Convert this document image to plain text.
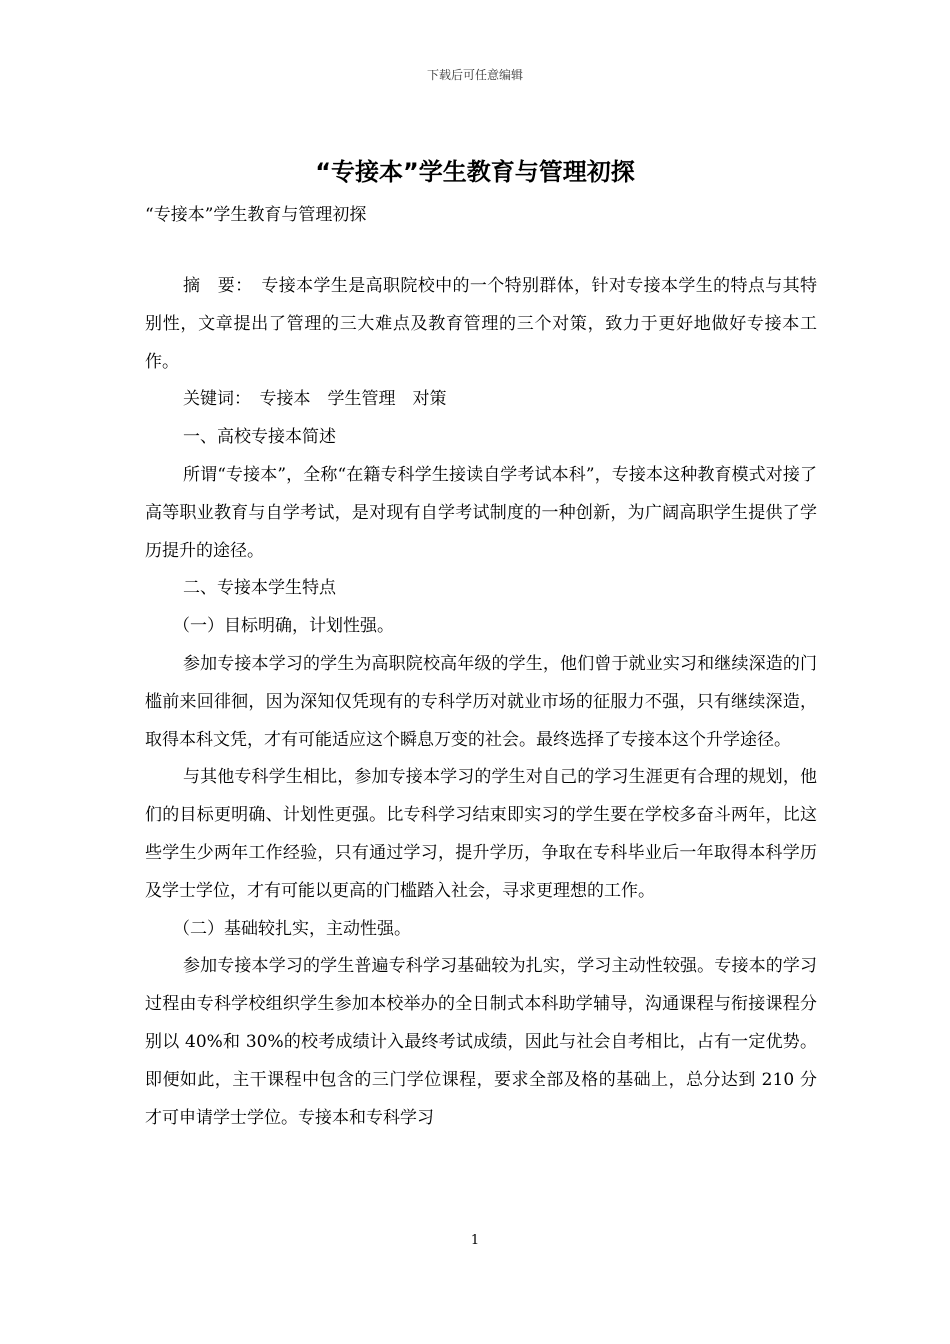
下载后可任意编辑
“专接本”学生教育与管理初探

“专接本”学生教育与管理初探

摘　要：　专接本学生是高职院校中的一个特别群体，针对专接本学生的特点与其特别性，文章提出了管理的三大难点及教育管理的三个对策，致力于更好地做好专接本工作。

关键词：　专接本　学生管理　对策

一、高校专接本简述

所谓“专接本”，全称“在籍专科学生接读自学考试本科”，专接本这种教育模式对接了高等职业教育与自学考试，是对现有自学考试制度的一种创新，为广阔高职学生提供了学历提升的途径。

二、专接本学生特点

（一）目标明确，计划性强。

参加专接本学习的学生为高职院校高年级的学生，他们曾于就业实习和继续深造的门槛前来回徘徊，因为深知仅凭现有的专科学历对就业市场的征服力不强，只有继续深造，取得本科文凭，才有可能适应这个瞬息万变的社会。最终选择了专接本这个升学途径。

与其他专科学生相比，参加专接本学习的学生对自己的学习生涯更有合理的规划，他们的目标更明确、计划性更强。比专科学习结束即实习的学生要在学校多奋斗两年，比这些学生少两年工作经验，只有通过学习，提升学历，争取在专科毕业后一年取得本科学历及学士学位，才有可能以更高的门槛踏入社会，寻求更理想的工作。

（二）基础较扎实，主动性强。

参加专接本学习的学生普遍专科学习基础较为扎实，学习主动性较强。专接本的学习过程由专科学校组织学生参加本校举办的全日制式本科助学辅导，沟通课程与衔接课程分别以 40%和 30%的校考成绩计入最终考试成绩，因此与社会自考相比，占有一定优势。即便如此，主干课程中包含的三门学位课程，要求全部及格的基础上，总分达到 210 分才可申请学士学位。专接本和专科学习

1
